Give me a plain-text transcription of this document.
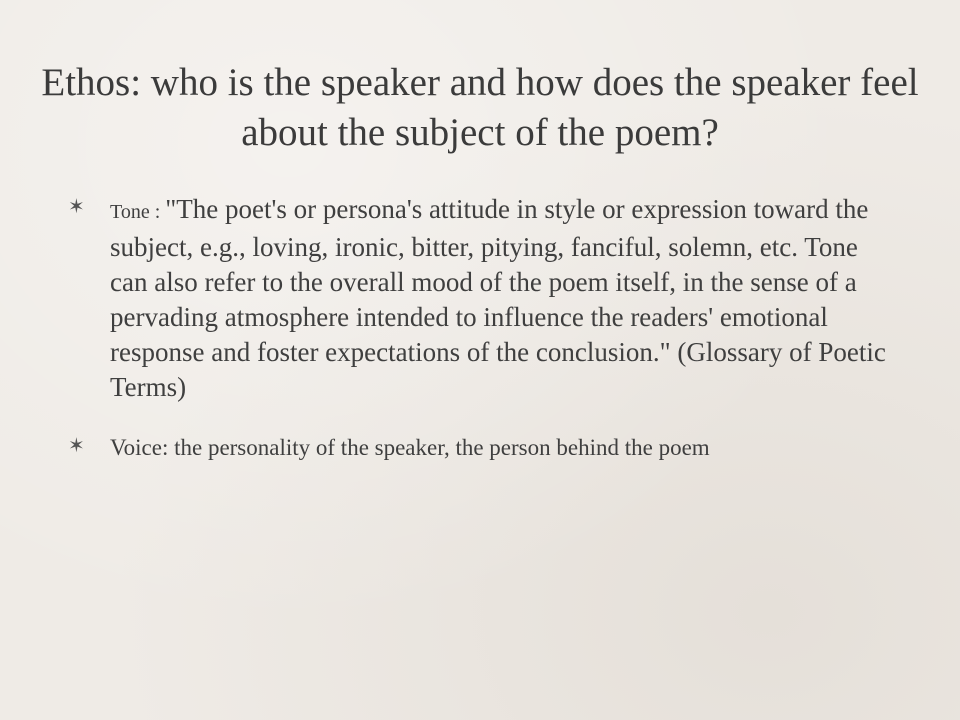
Ethos: who is the speaker and how does the speaker feel about the subject of the poem?
✶ Tone : "The poet's or persona's attitude in style or expression toward the subject, e.g., loving, ironic, bitter, pitying, fanciful, solemn, etc. Tone can also refer to the overall mood of the poem itself, in the sense of a pervading atmosphere intended to influence the readers' emotional response and foster expectations of the conclusion." (Glossary of Poetic Terms)
✶ Voice: the personality of the speaker, the person behind the poem
